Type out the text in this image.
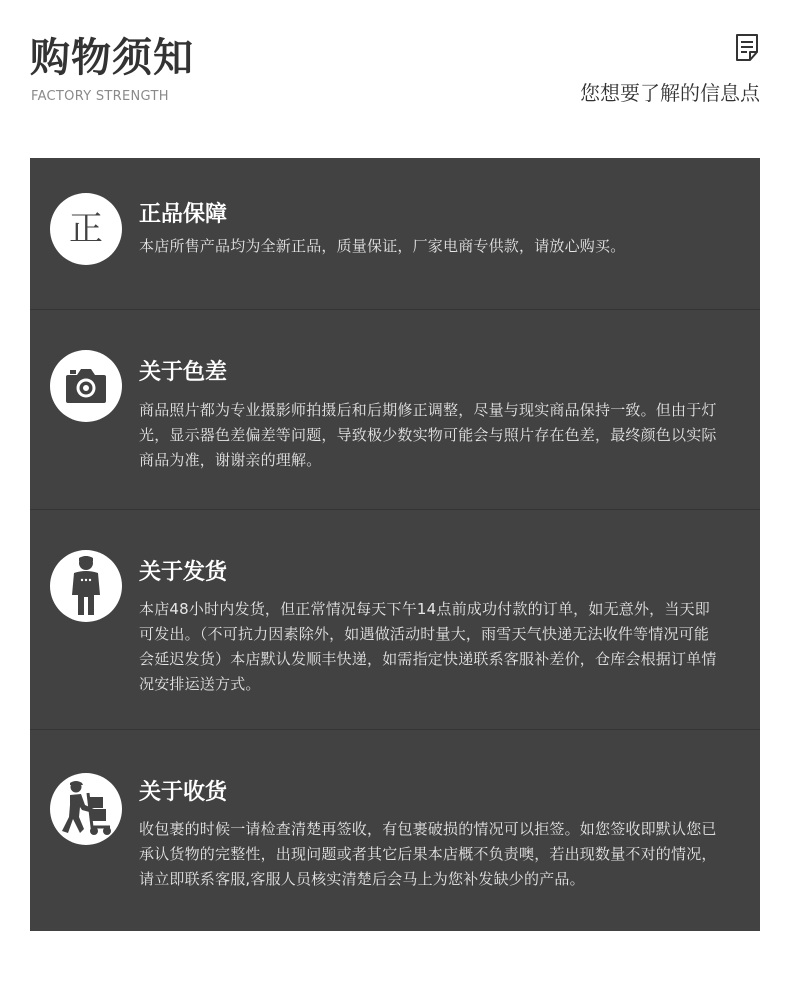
购物须知
FACTORY STRENGTH	您想要了解的信息点
正 正品保障
本店所售产品均为全新正品，质量保证，厂家电商专供款，请放心购买。
关于色差
商品照片都为专业摄影师拍摄后和后期修正调整，尽量与现实商品保持一致。但由于灯光，显示器色差偏差等问题，导致极少数实物可能会与照片存在色差，最终颜色以实际商品为准，谢谢亲的理解。
关于发货
本店48小时内发货，但正常情况每天下午14点前成功付款的订单，如无意外，当天即可发出。（不可抗力因素除外，如遇做活动时量大，雨雪天气快递无法收件等情况可能会延迟发货）本店默认发顺丰快递，如需指定快递联系客服补差价，仓库会根据订单情况安排运送方式。
关于收货
收包裹的时候一请检查清楚再签收，有包裹破损的情况可以拒签。如您签收即默认您已承认货物的完整性，出现问题或者其它后果本店概不负责噢，若出现数量不对的情况，请立即联系客服,客服人员核实清楚后会马上为您补发缺少的产品。
